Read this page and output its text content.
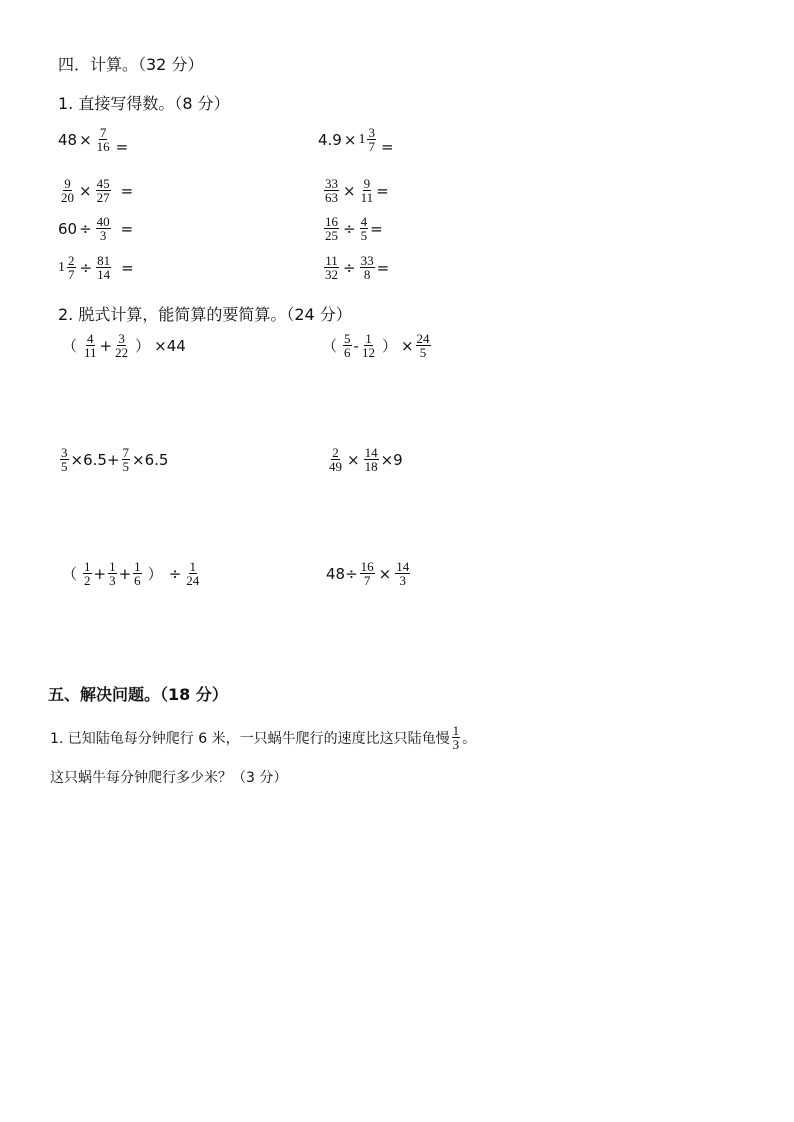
四．计算。（32 分）
1. 直接写得数。（8 分）
$48 \times \frac{7}{16}$ =	$4.9 \times 1 \frac{3}{7}$ =
$\frac{9}{20} \times \frac{45}{27}$ =	$\frac{33}{63} \times \frac{9}{11}$ =
$60 \div \frac{40}{3}$ =	$\frac{16}{25} \div \frac{4}{5}$ =
$1 \frac{2}{7} \div \frac{81}{14}$ =	$\frac{11}{32} \div \frac{33}{8}$ =
2. 脱式计算，能简算的要简算。（24 分）
（ $\frac{4}{11} + \frac{3}{22}$ ） ×44	（ $\frac{5}{6} - \frac{1}{12}$ ） × $\frac{24}{5}$
$\frac{3}{5} \times 6.5+ \frac{7}{5} \times 6.5$	$\frac{2}{49} \times \frac{14}{18} \times 9$
（ $\frac{1}{2} + \frac{1}{3} + \frac{1}{6}$ ） ÷ $\frac{1}{24}$	$48\div \frac{16}{7} \times \frac{14}{3}$
五、解决问题。（18 分）
1. 已知陆龟每分钟爬行 6 米，一只蜗牛爬行的速度比这只陆龟慢 $\frac{1}{3}$ 。
这只蜗牛每分钟爬行多少米？（3 分）
